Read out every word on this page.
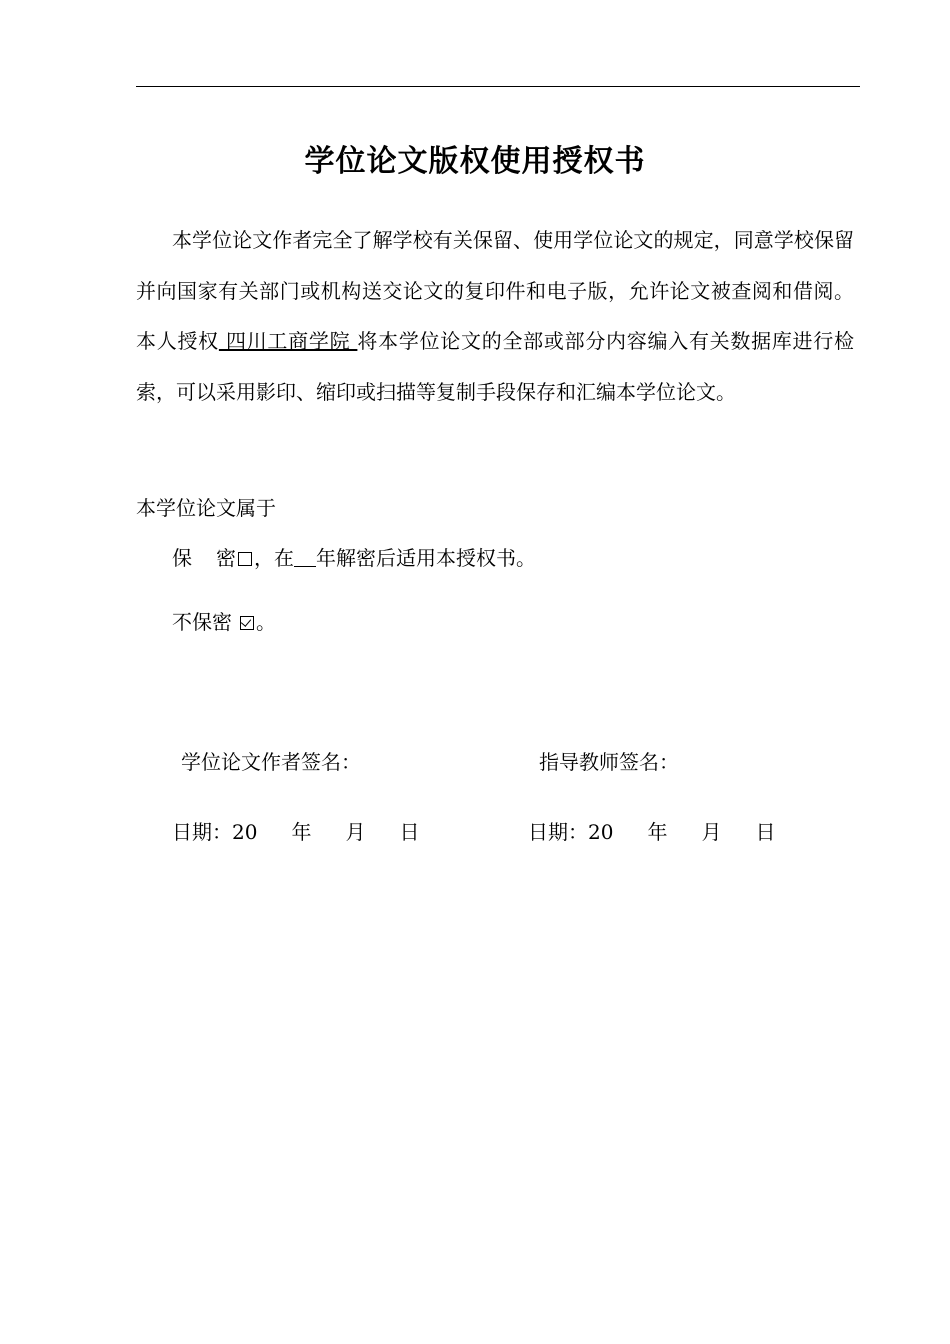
学位论文版权使用授权书
本学位论文作者完全了解学校有关保留、使用学位论文的规定，同意学校保留并向国家有关部门或机构送交论文的复印件和电子版，允许论文被查阅和借阅。本人授权 四川工商学院 将本学位论文的全部或部分内容编入有关数据库进行检索，可以采用影印、缩印或扫描等复制手段保存和汇编本学位论文。
本学位论文属于
保 密 ，在 年解密后适用本授权书。
不保密 。
学位论文作者签名：	指导教师签名：
日期：20 年 月 日	日期：20 年 月 日
